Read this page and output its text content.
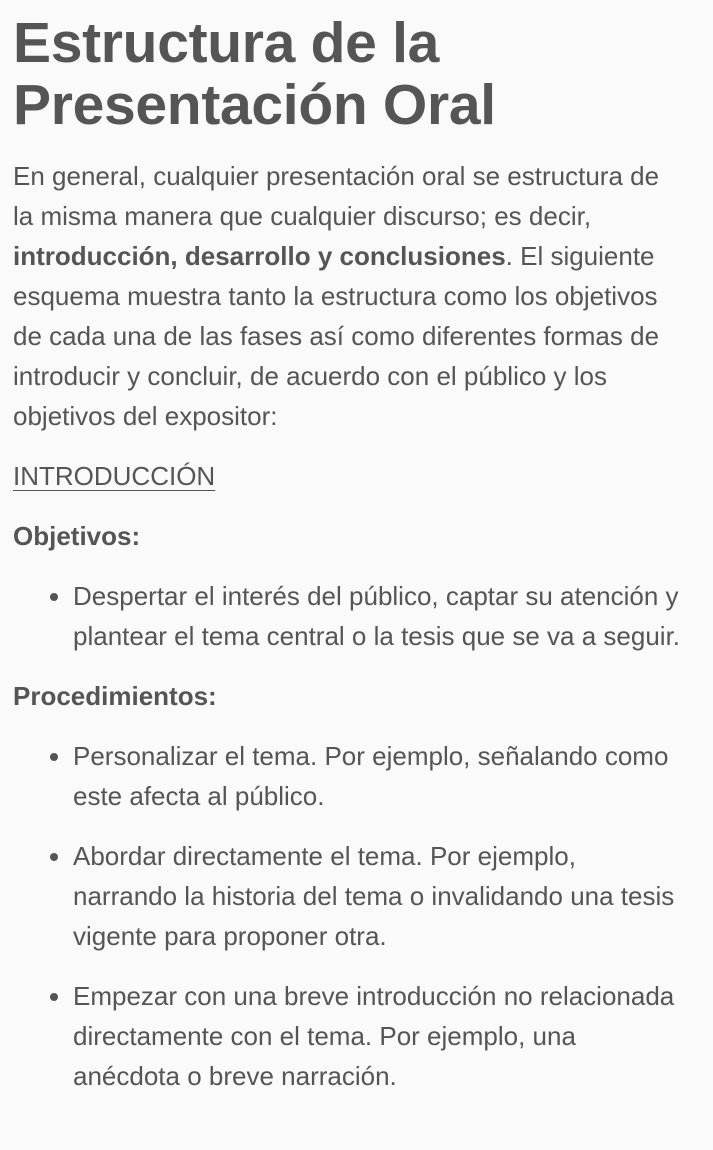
Estructura de la Presentación Oral

En general, cualquier presentación oral se estructura de la misma manera que cualquier discurso; es decir, introducción, desarrollo y conclusiones. El siguiente esquema muestra tanto la estructura como los objetivos de cada una de las fases así como diferentes formas de introducir y concluir, de acuerdo con el público y los objetivos del expositor:

INTRODUCCIÓN

Objetivos:

Despertar el interés del público, captar su atención y plantear el tema central o la tesis que se va a seguir.

Procedimientos:

Personalizar el tema. Por ejemplo, señalando como este afecta al público.
Abordar directamente el tema. Por ejemplo, narrando la historia del tema o invalidando una tesis vigente para proponer otra.
Empezar con una breve introducción no relacionada directamente con el tema. Por ejemplo, una anécdota o breve narración.
